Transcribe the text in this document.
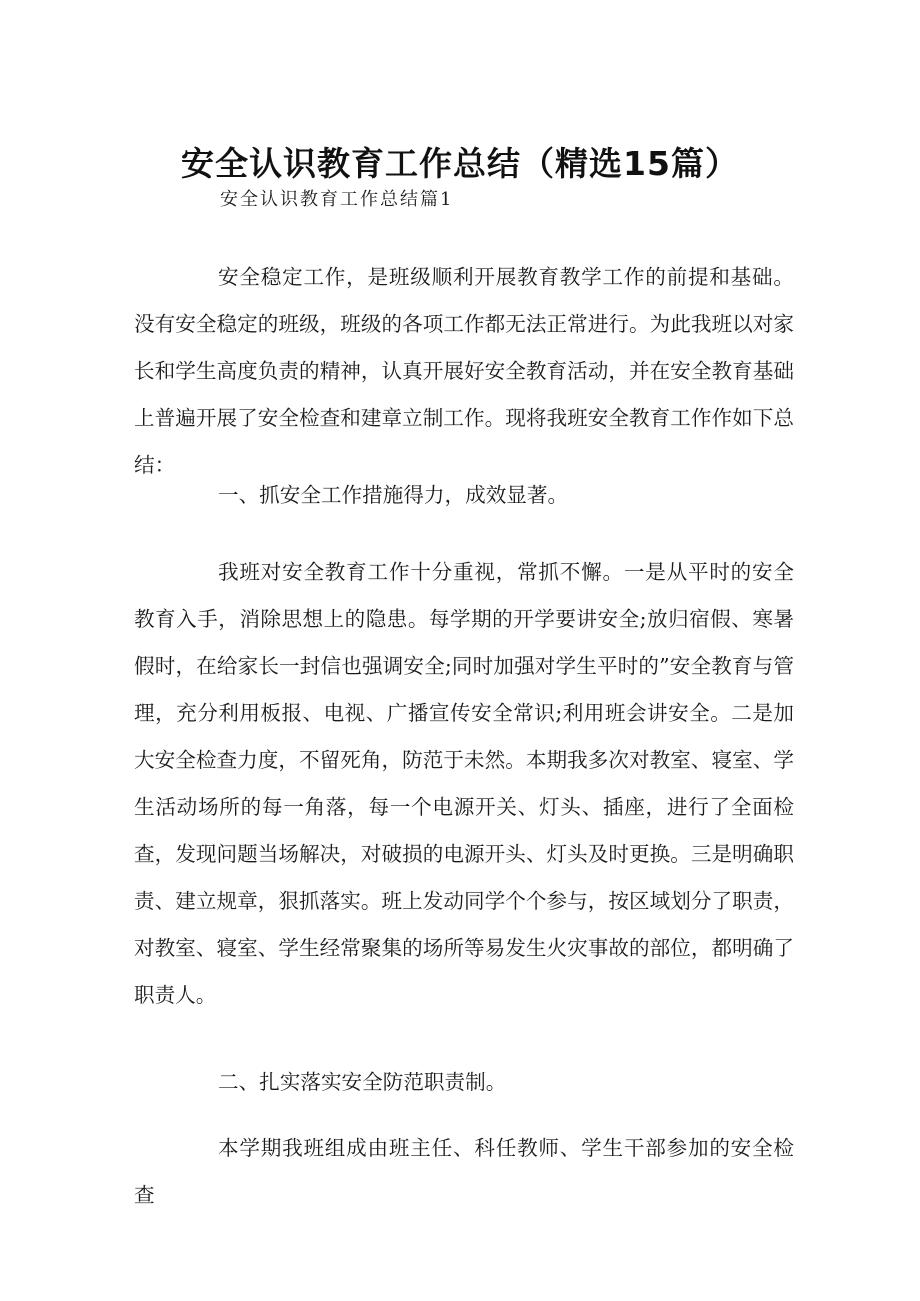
安全认识教育工作总结（精选15篇）
安全认识教育工作总结篇1

安全稳定工作，是班级顺利开展教育教学工作的前提和基础。没有安全稳定的班级，班级的各项工作都无法正常进行。为此我班以对家长和学生高度负责的精神，认真开展好安全教育活动，并在安全教育基础上普遍开展了安全检查和建章立制工作。现将我班安全教育工作作如下总结：

一、抓安全工作措施得力，成效显著。

我班对安全教育工作十分重视，常抓不懈。一是从平时的安全教育入手，消除思想上的隐患。每学期的开学要讲安全;放归宿假、寒暑假时，在给家长一封信也强调安全;同时加强对学生平时的”安全教育与管理，充分利用板报、电视、广播宣传安全常识;利用班会讲安全。二是加大安全检查力度，不留死角，防范于未然。本期我多次对教室、寝室、学生活动场所的每一角落，每一个电源开关、灯头、插座，进行了全面检查，发现问题当场解决，对破损的电源开头、灯头及时更换。三是明确职责、建立规章，狠抓落实。班上发动同学个个参与，按区域划分了职责，对教室、寝室、学生经常聚集的场所等易发生火灾事故的部位，都明确了职责人。

二、扎实落实安全防范职责制。

本学期我班组成由班主任、科任教师、学生干部参加的安全检查
